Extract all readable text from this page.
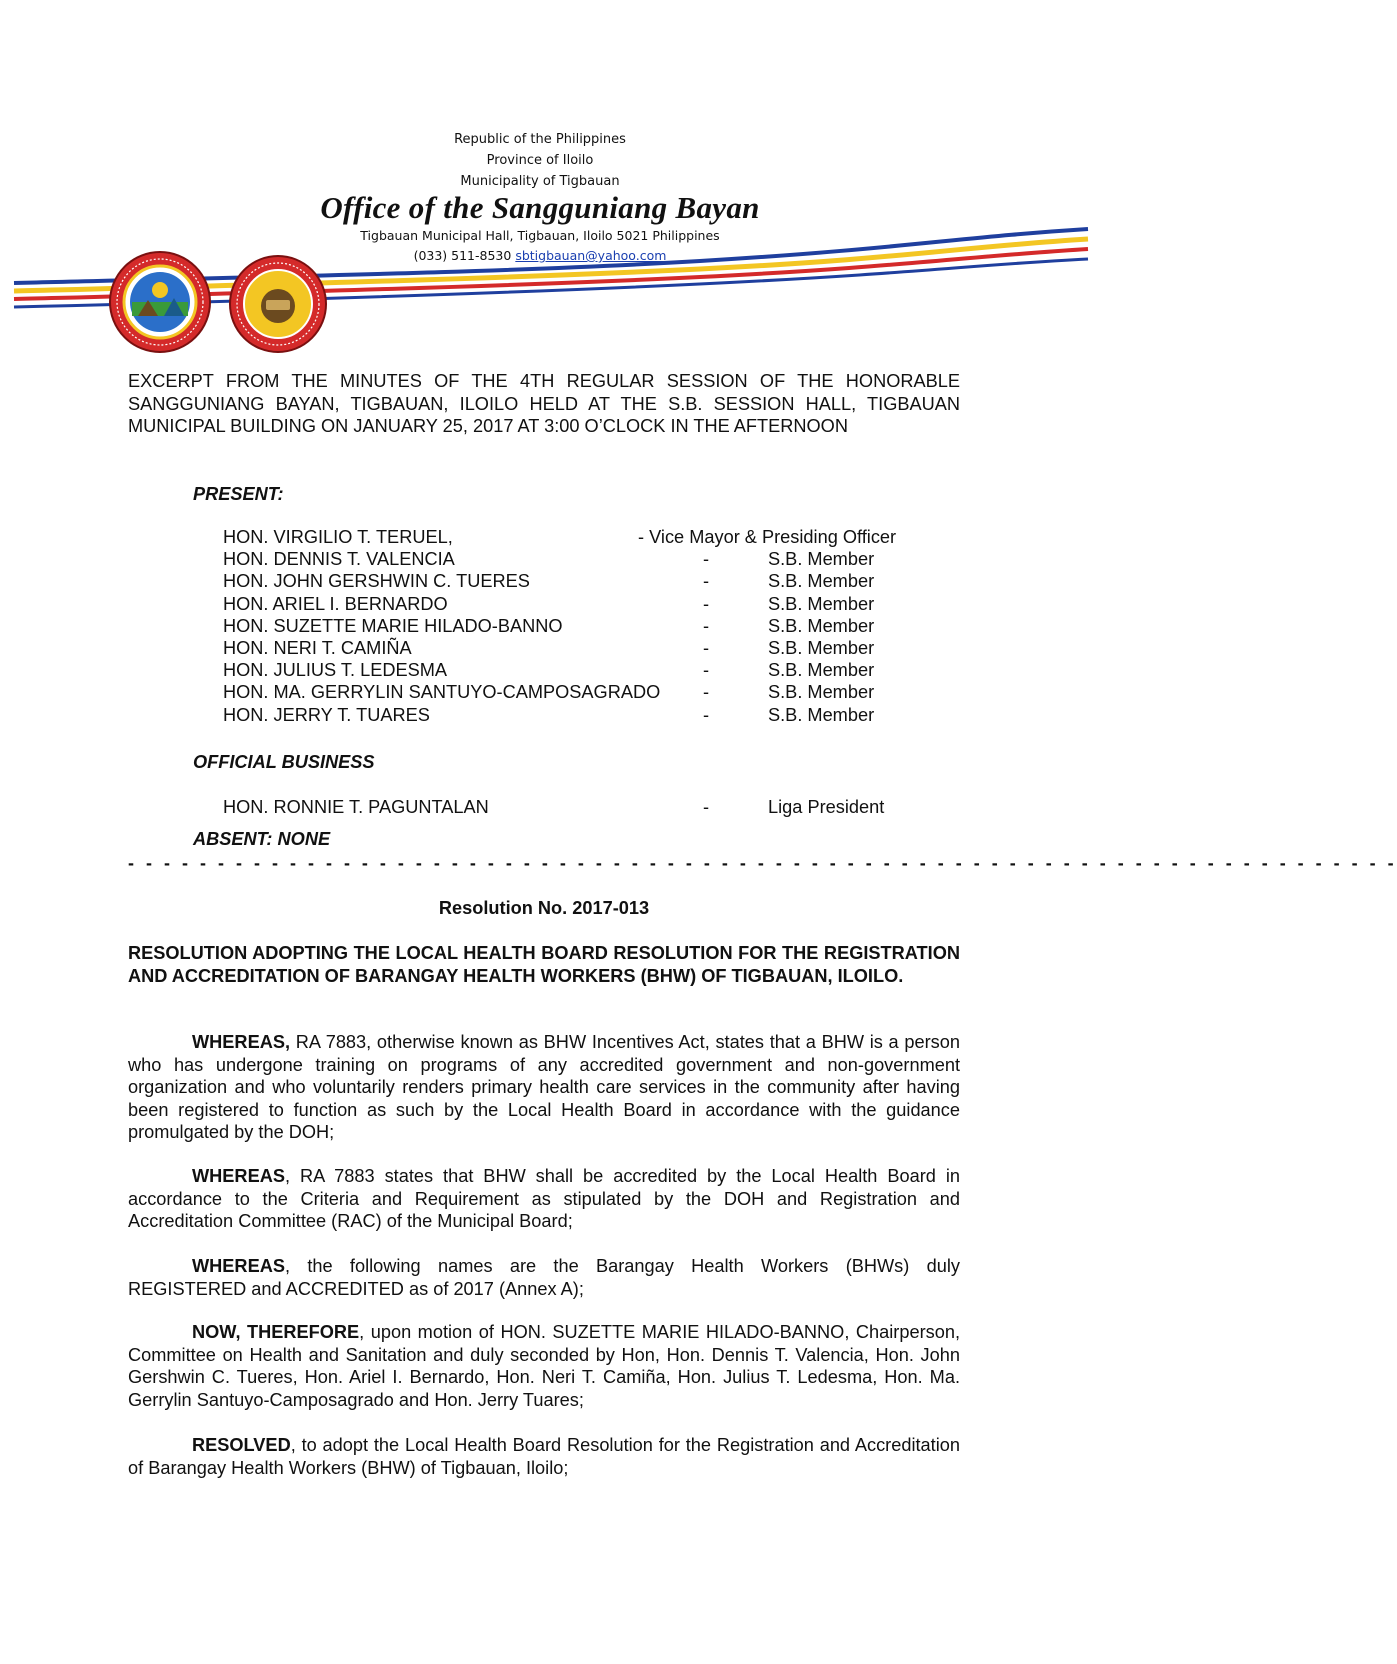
Republic of the Philippines
Province of Iloilo
Municipality of Tigbauan
Office of the Sangguniang Bayan
Tigbauan Municipal Hall, Tigbauan, Iloilo 5021 Philippines
(033) 511-8530 sbtigbauan@yahoo.com
EXCERPT FROM THE MINUTES OF THE 4TH REGULAR SESSION OF THE HONORABLE SANGGUNIANG BAYAN, TIGBAUAN, ILOILO HELD AT THE S.B. SESSION HALL, TIGBAUAN MUNICIPAL BUILDING ON JANUARY 25, 2017 AT 3:00 O’CLOCK IN THE AFTERNOON
PRESENT:
HON. VIRGILIO T. TERUEL,	- Vice Mayor & Presiding Officer
HON. DENNIS T. VALENCIA	-	S.B. Member
HON. JOHN GERSHWIN C. TUERES	-	S.B. Member
HON. ARIEL I. BERNARDO	-	S.B. Member
HON. SUZETTE MARIE HILADO-BANNO	-	S.B. Member
HON. NERI T. CAMIÑA	-	S.B. Member
HON. JULIUS T. LEDESMA	-	S.B. Member
HON. MA. GERRYLIN SANTUYO-CAMPOSAGRADO -	S.B. Member
HON. JERRY T. TUARES	-	S.B. Member
OFFICIAL BUSINESS
HON. RONNIE T. PAGUNTALAN	-	Liga President
ABSENT: NONE
- - - - - - - - - - - - - - - - - - - - - - - - - - - - - - - - - - - - - - - - - - - - - - - - - - - - - - - - - - - - - - - - - - - - - - -
Resolution No. 2017-013
RESOLUTION ADOPTING THE LOCAL HEALTH BOARD RESOLUTION FOR THE REGISTRATION AND ACCREDITATION OF BARANGAY HEALTH WORKERS (BHW) OF TIGBAUAN, ILOILO.
WHEREAS, RA 7883, otherwise known as BHW Incentives Act, states that a BHW is a person who has undergone training on programs of any accredited government and non-government organization and who voluntarily renders primary health care services in the community after having been registered to function as such by the Local Health Board in accordance with the guidance promulgated by the DOH;
WHEREAS, RA 7883 states that BHW shall be accredited by the Local Health Board in accordance to the Criteria and Requirement as stipulated by the DOH and Registration and Accreditation Committee (RAC) of the Municipal Board;
WHEREAS, the following names are the Barangay Health Workers (BHWs) duly REGISTERED and ACCREDITED as of 2017 (Annex A);
NOW, THEREFORE, upon motion of HON. SUZETTE MARIE HILADO-BANNO, Chairperson, Committee on Health and Sanitation and duly seconded by Hon, Hon. Dennis T. Valencia, Hon. John Gershwin C. Tueres, Hon. Ariel I. Bernardo, Hon. Neri T. Camiña, Hon. Julius T. Ledesma, Hon. Ma. Gerrylin Santuyo-Camposagrado and Hon. Jerry Tuares;
RESOLVED, to adopt the Local Health Board Resolution for the Registration and Accreditation of Barangay Health Workers (BHW) of Tigbauan, Iloilo;
